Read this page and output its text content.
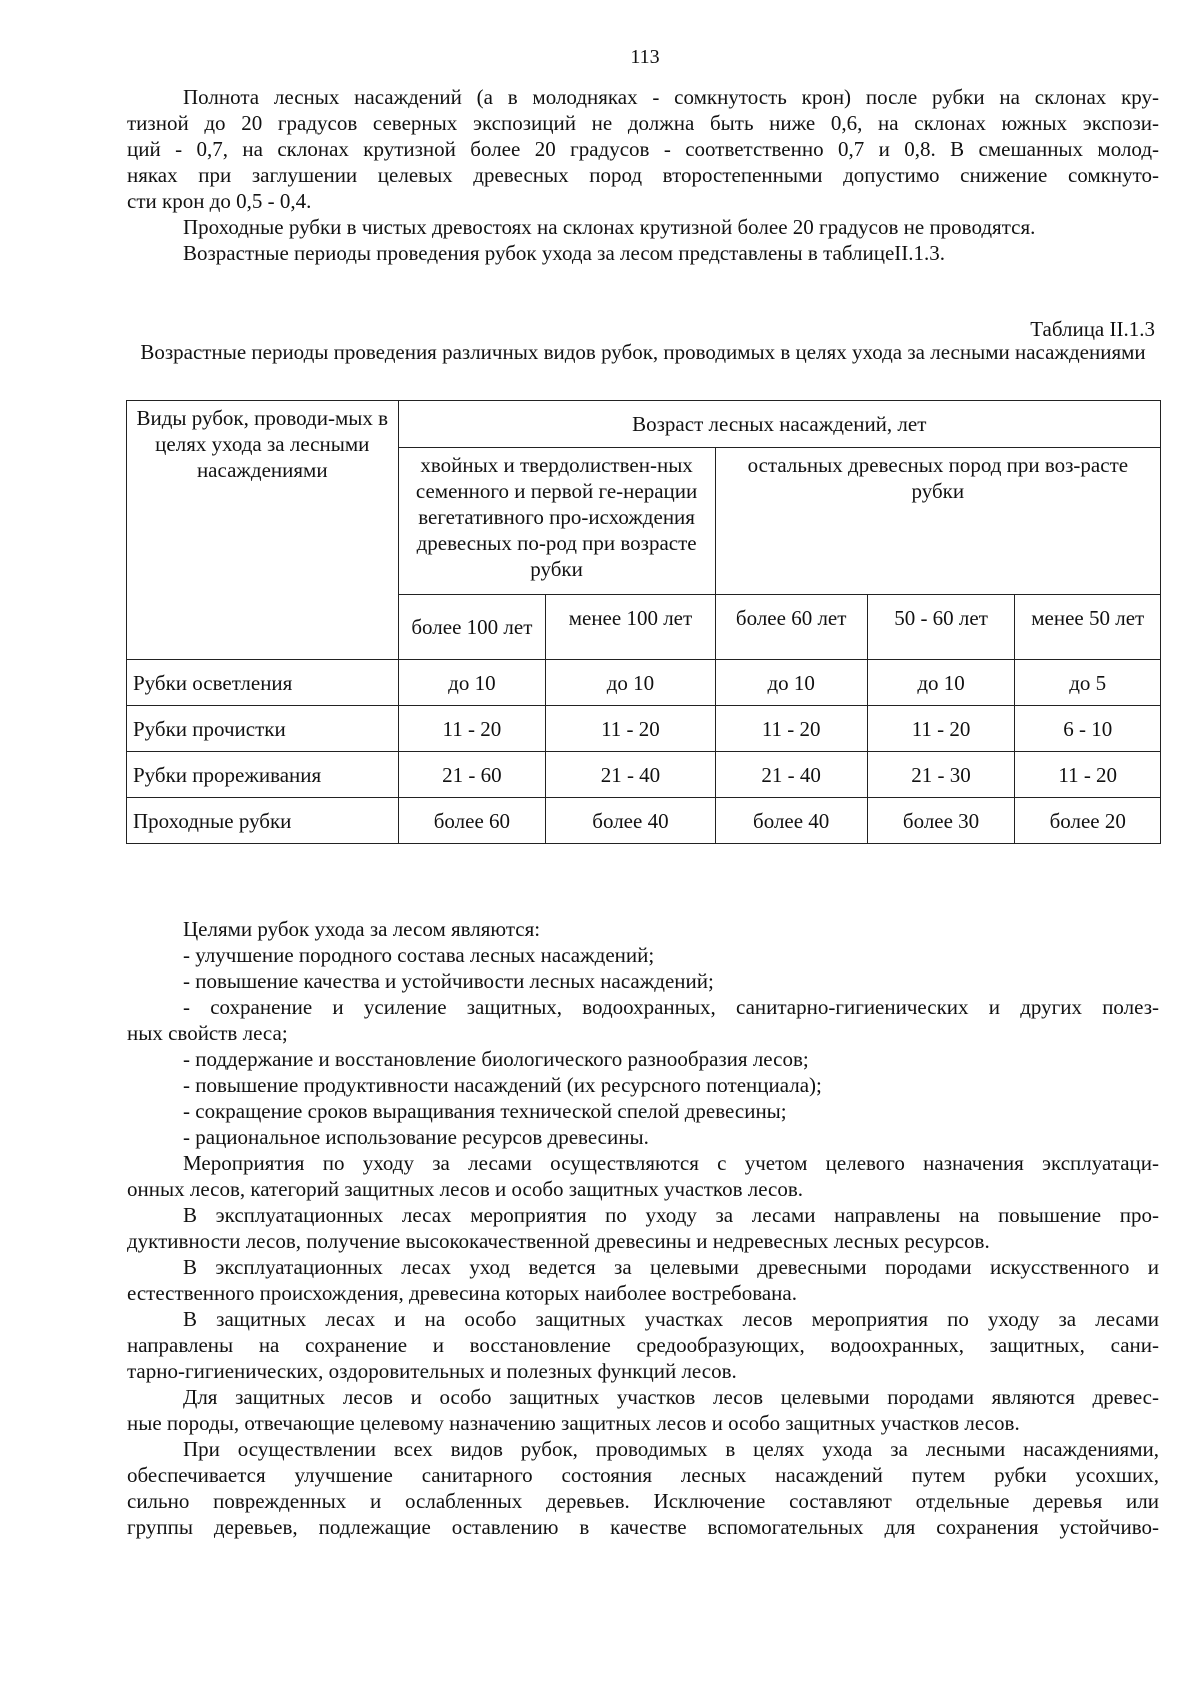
113
Полнота лесных насаждений (а в молодняках - сомкнутость крон) после рубки на склонах кру-
тизной до 20 градусов северных экспозиций не должна быть ниже 0,6, на склонах южных экспози-
ций - 0,7, на склонах крутизной более 20 градусов - соответственно 0,7 и 0,8. В смешанных молод-
няках при заглушении целевых древесных пород второстепенными допустимо снижение сомкнуто-
сти крон до 0,5 - 0,4.
Проходные рубки в чистых древостоях на склонах крутизной более 20 градусов не проводятся.
Возрастные периоды проведения рубок ухода за лесом представлены в таблицеII.1.3.
Таблица II.1.3
Возрастные периоды проведения различных видов рубок, проводимых в целях ухода за лесными насаждениями
Виды рубок, проводи-мых в целях ухода за лесными насаждениями	Возраст лесных насаждений, лет				
	хвойных и твердолиствен-ных семенного и первой ге-нерации вегетативного про-исхождения древесных по-род при возрасте рубки		остальных древесных пород при воз-расте рубки		
	более 100 лет	менее 100 лет	более 60 лет	50 - 60 лет	менее 50 лет
Рубки осветления	до 10	до 10	до 10	до 10	до 5
Рубки прочистки	11 - 20	11 - 20	11 - 20	11 - 20	6 - 10
Рубки прореживания	21 - 60	21 - 40	21 - 40	21 - 30	11 - 20
Проходные рубки	более 60	более 40	более 40	более 30	более 20
Целями рубок ухода за лесом являются:
- улучшение породного состава лесных насаждений;
- повышение качества и устойчивости лесных насаждений;
- сохранение и усиление защитных, водоохранных, санитарно-гигиенических и других полез-
ных свойств леса;
- поддержание и восстановление биологического разнообразия лесов;
- повышение продуктивности насаждений (их ресурсного потенциала);
- сокращение сроков выращивания технической спелой древесины;
- рациональное использование ресурсов древесины.
Мероприятия по уходу за лесами осуществляются с учетом целевого назначения эксплуатаци-
онных лесов, категорий защитных лесов и особо защитных участков лесов.
В эксплуатационных лесах мероприятия по уходу за лесами направлены на повышение про-
дуктивности лесов, получение высококачественной древесины и недревесных лесных ресурсов.
В эксплуатационных лесах уход ведется за целевыми древесными породами искусственного и
естественного происхождения, древесина которых наиболее востребована.
В защитных лесах и на особо защитных участках лесов мероприятия по уходу за лесами
направлены на сохранение и восстановление средообразующих, водоохранных, защитных, сани-
тарно-гигиенических, оздоровительных и полезных функций лесов.
Для защитных лесов и особо защитных участков лесов целевыми породами являются древес-
ные породы, отвечающие целевому назначению защитных лесов и особо защитных участков лесов.
При осуществлении всех видов рубок, проводимых в целях ухода за лесными насаждениями,
обеспечивается улучшение санитарного состояния лесных насаждений путем рубки усохших,
сильно поврежденных и ослабленных деревьев. Исключение составляют отдельные деревья или
группы деревьев, подлежащие оставлению в качестве вспомогательных для сохранения устойчиво-
